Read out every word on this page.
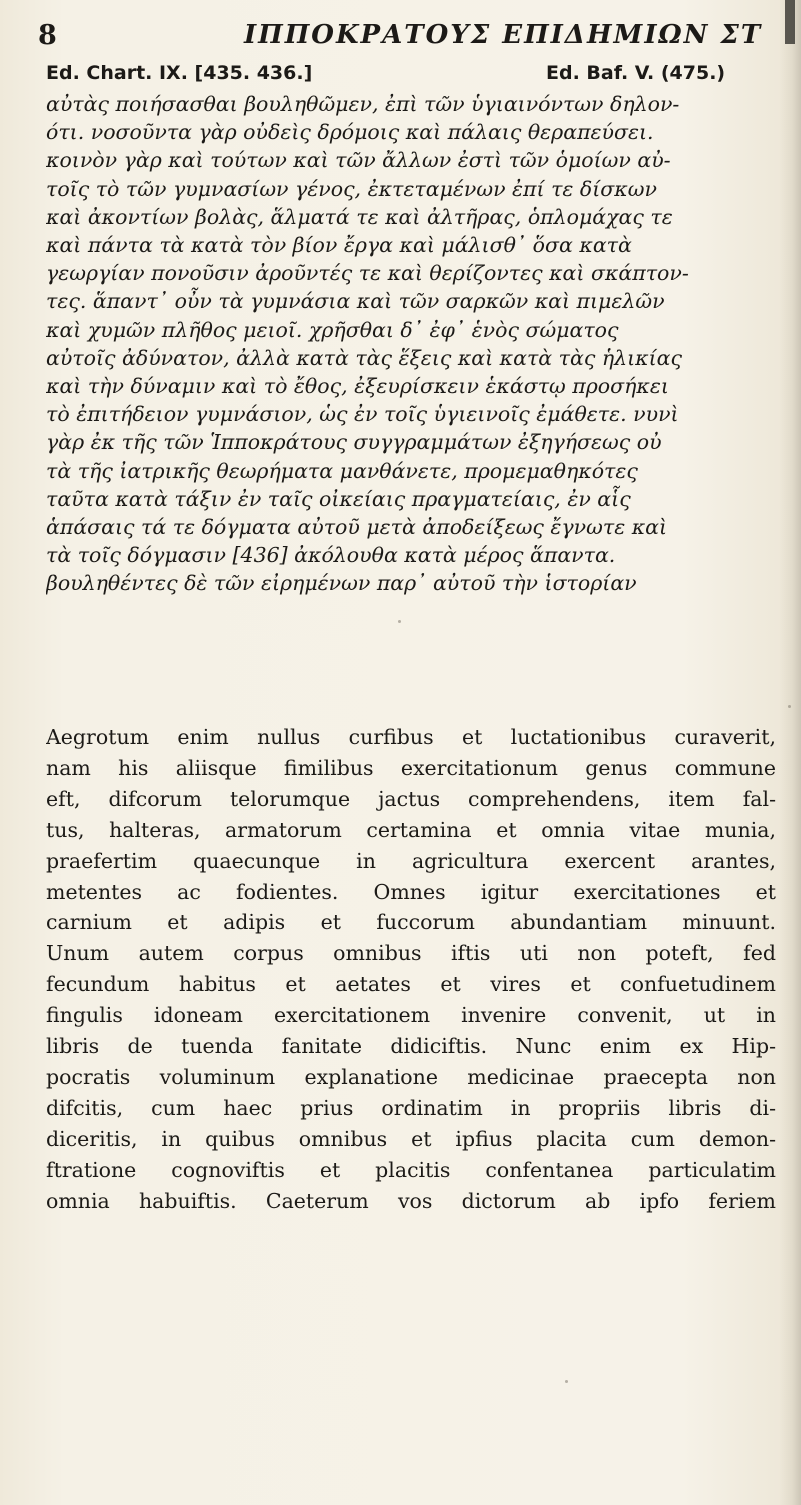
8	ΙΠΠΟΚΡΑΤΟΥΣ ΕΠΙΔΗΜΙΩΝ ΣΤ
Ed. Chart. IX. [435. 436.]	Ed. Baf. V. (475.)
αὐτὰς ποιήσασθαι βουληθῶμεν, ἐπὶ τῶν ὑγιαινόντων δηλον-
ότι. νοσοῦντα γὰρ οὐδεὶς δρόμοις καὶ πάλαις θεραπεύσει.
κοινὸν γὰρ καὶ τούτων καὶ τῶν ἄλλων ἐστὶ τῶν ὁμοίων αὐ-
τοῖς τὸ τῶν γυμνασίων γένος, ἐκτεταμένων ἐπί τε δίσκων
καὶ ἀκοντίων βολὰς, ἅλματά τε καὶ ἀλτῆρας, ὁπλομάχας τε
καὶ πάντα τὰ κατὰ τὸν βίον ἔργα καὶ μάλισθ᾽ ὅσα κατὰ
γεωργίαν πονοῦσιν ἀροῦντές τε καὶ θερίζοντες καὶ σκάπτον-
τες. ἅπαντ᾽ οὖν τὰ γυμνάσια καὶ τῶν σαρκῶν καὶ πιμελῶν
καὶ χυμῶν πλῆθος μειοῖ. χρῆσθαι δ᾽ ἐφ᾽ ἑνὸς σώματος
αὐτοῖς ἀδύνατον, ἀλλὰ κατὰ τὰς ἕξεις καὶ κατὰ τὰς ἡλικίας
καὶ τὴν δύναμιν καὶ τὸ ἔθος, ἐξευρίσκειν ἑκάστῳ προσήκει
τὸ ἐπιτήδειον γυμνάσιον, ὡς ἐν τοῖς ὑγιεινοῖς ἐμάθετε. νυνὶ
γὰρ ἐκ τῆς τῶν Ἱπποκράτους συγγραμμάτων ἐξηγήσεως οὐ
τὰ τῆς ἰατρικῆς θεωρήματα μανθάνετε, προμεμαθηκότες
ταῦτα κατὰ τάξιν ἐν ταῖς οἰκείαις πραγματείαις, ἐν αἷς
ἁπάσαις τά τε δόγματα αὐτοῦ μετὰ ἀποδείξεως ἔγνωτε καὶ
τὰ τοῖς δόγμασιν [436] ἀκόλουθα κατὰ μέρος ἅπαντα.
βουληθέντες δὲ τῶν εἰρημένων παρ᾽ αὐτοῦ τὴν ἱστορίαν
Aegrotum enim nullus curfibus et luctationibus curaverit,
nam his aliisque fimilibus exercitationum genus commune
eft, difcorum telorumque jactus comprehendens, item fal-
tus, halteras, armatorum certamina et omnia vitae munia,
praefertim quaecunque in agricultura exercent arantes,
metentes ac fodientes. Omnes igitur exercitationes et
carnium et adipis et fuccorum abundantiam minuunt.
Unum autem corpus omnibus iftis uti non poteft, fed
fecundum habitus et aetates et vires et confuetudinem
fingulis idoneam exercitationem invenire convenit, ut in
libris de tuenda fanitate didiciftis. Nunc enim ex Hip-
pocratis voluminum explanatione medicinae praecepta non
difcitis, cum haec prius ordinatim in propriis libris di-
diceritis, in quibus omnibus et ipfius placita cum demon-
ftratione cognoviftis et placitis confentanea particulatim
omnia habuiftis. Caeterum vos dictorum ab ipfo feriem
